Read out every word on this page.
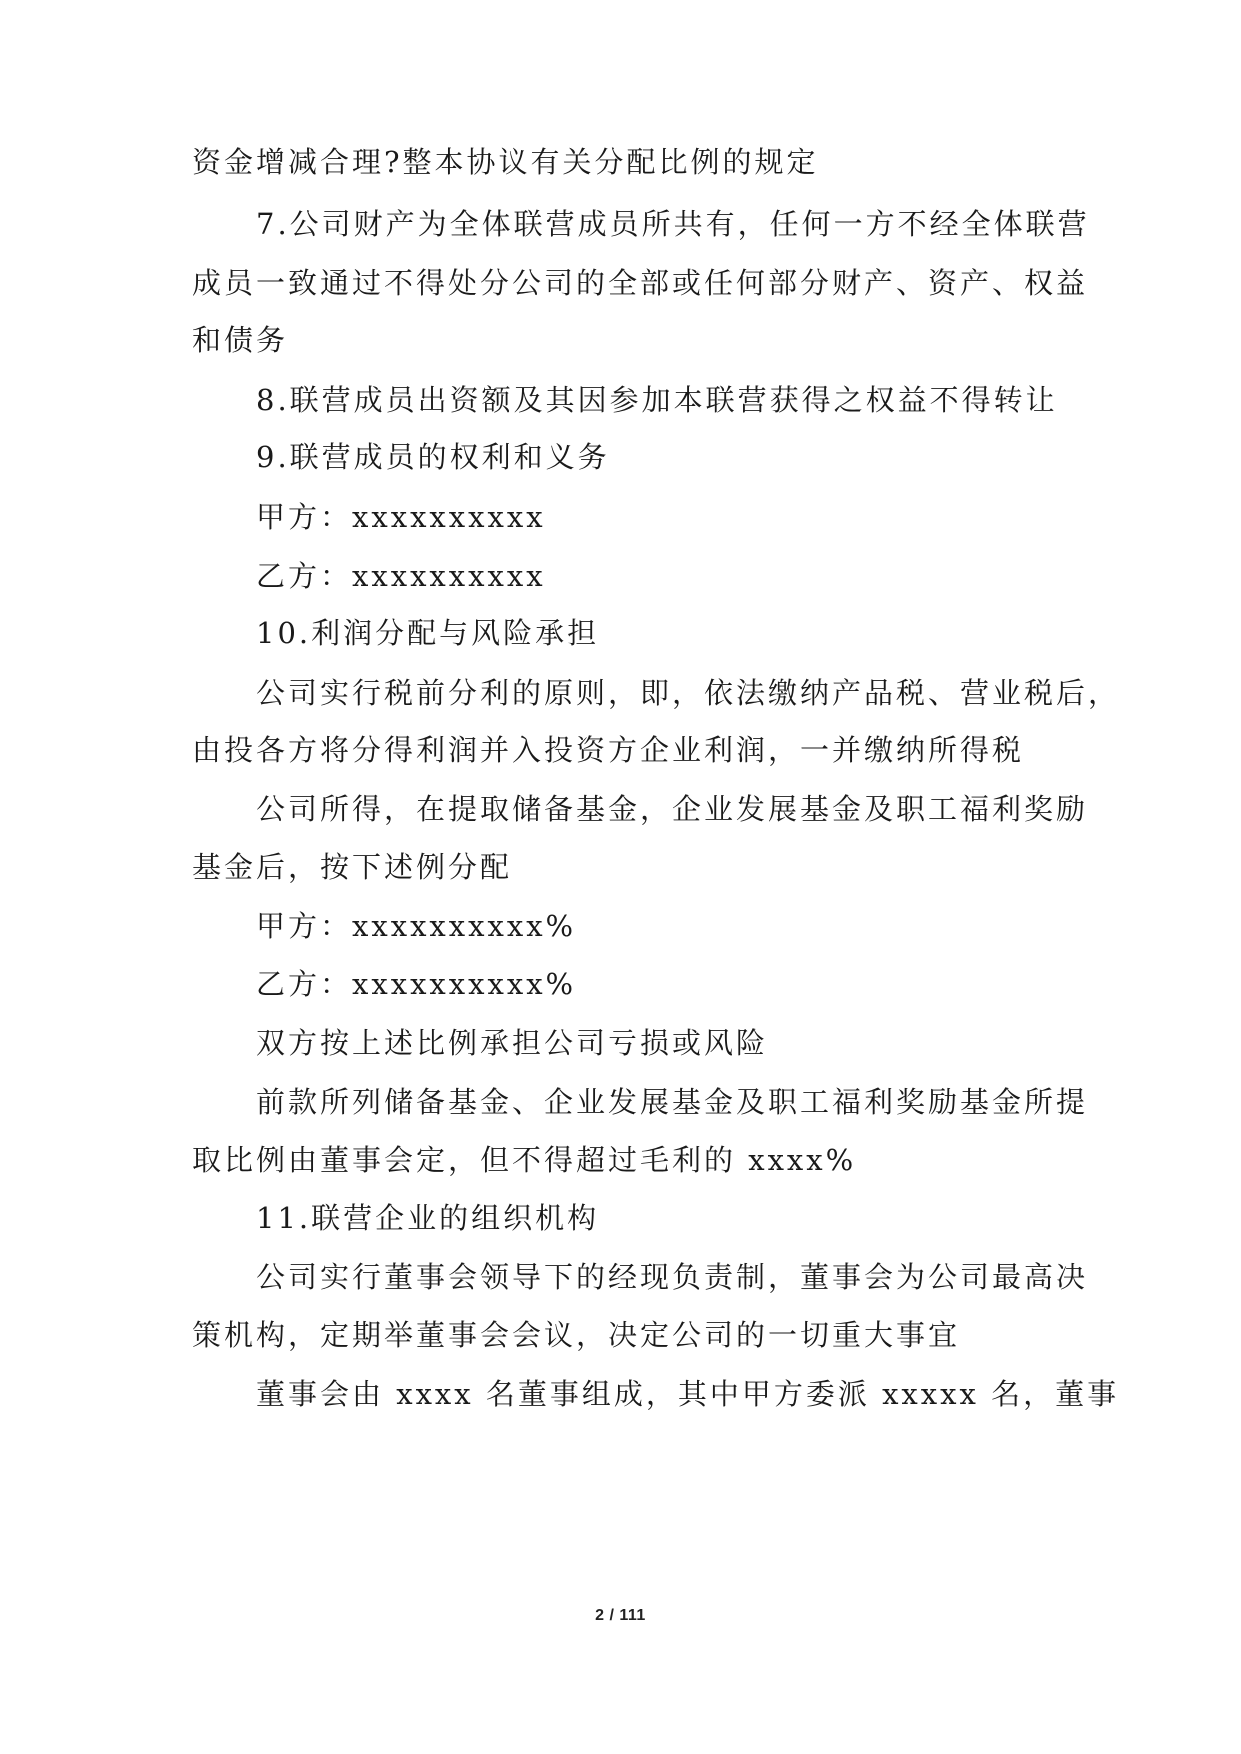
资金增减合理?整本协议有关分配比例的规定
7.公司财产为全体联营成员所共有，任何一方不经全体联营
成员一致通过不得处分公司的全部或任何部分财产、资产、权益
和债务
8.联营成员出资额及其因参加本联营获得之权益不得转让
9.联营成员的权利和义务
甲方：xxxxxxxxxx
乙方：xxxxxxxxxx
10.利润分配与风险承担
公司实行税前分利的原则，即，依法缴纳产品税、营业税后，
由投各方将分得利润并入投资方企业利润，一并缴纳所得税
公司所得，在提取储备基金，企业发展基金及职工福利奖励
基金后，按下述例分配
甲方：xxxxxxxxxx%
乙方：xxxxxxxxxx%
双方按上述比例承担公司亏损或风险
前款所列储备基金、企业发展基金及职工福利奖励基金所提
取比例由董事会定，但不得超过毛利的 xxxx%
11.联营企业的组织机构
公司实行董事会领导下的经现负责制，董事会为公司最高决
策机构，定期举董事会会议，决定公司的一切重大事宜
董事会由 xxxx 名董事组成，其中甲方委派 xxxxx 名，董事
2 / 111
